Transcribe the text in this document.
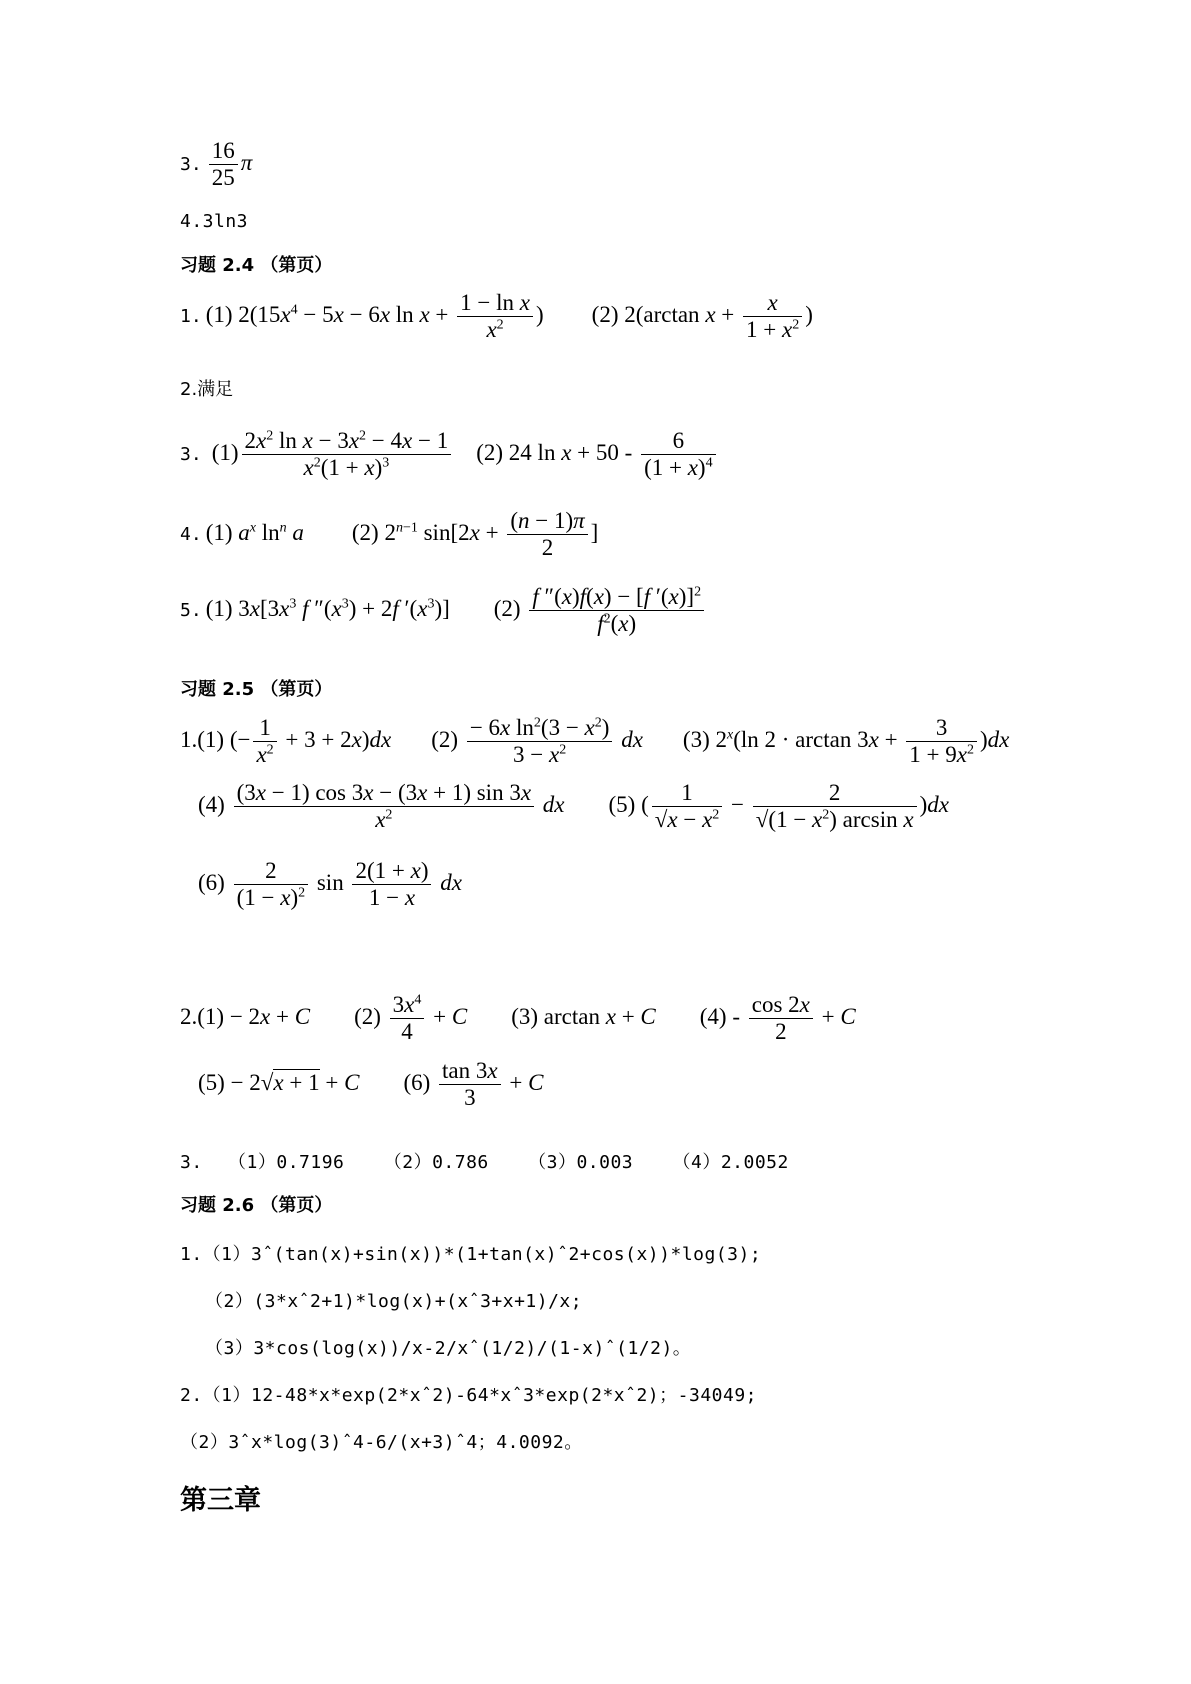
3. $\frac{16}{25}$ π
4.3ln3
习题 2.4 （第页）
1. (1) $2(15x^4 - 5x - 6x$ $\ln x + \frac{\text{1 − ln x}}{x^2}$ ) (2) 2(arctan $x + \frac{x}{1 + x^2}$ )
2.满足
3. $(1) \frac{2x^2 \ln x - 3x^2 - 4x - 1}{x^2(1 + x)^3} (2)$ 24 $\ln x + 50 - \frac{6}{(1 + x)^4}$
4. (1) $a^x$ $\ln^n a$ (2) $2^{n-1}$ $\sin[2x + \frac{(n - 1)\pi}{2}$ ]
5. (1) $3x[3x^3$ f $''(x^3) + 2f$ $'(x^3)$] $(2) \frac{f ''(x)f(x) - [f '(x)]^2}{f^2(x)}$
习题 2.5 （第页）
1.(1) (− $\frac{1}{x^2} + 3 + 2x)dx$ $(2) \frac{- 6x \ln^2(3 - x^2)}{3 - x^2}$ dx (3) 2$^x$(ln $2 \cdot \arctan 3x + \frac{3}{1 + 9x^2} )dx$
$(4) \frac{(3x - 1) \cos 3x - (3x + 1) \sin 3x}{x^2}$ dx (5) ( $\frac{1}{√x - x^2} - \frac{2}{√(1 - x^2) \arcsin x} )dx$
$(6) \frac{2}{(1 - x)^2}$ $\sin \frac{2(1 + x)}{1 - x}$ dx
2.(1) − 2x + C $(2) \frac{3x^4}{4} + C$ (3) arctan x + C $(4) - \frac{\cos 2x}{2} + C$
(5) − 2√x + 1 + C $(6) \frac{\tan 3x}{3} + C$
3. （1）0.7196 （2）0.786 （3）0.003 （4）2.0052
习题 2.6 （第页）
1.（1）3ˆ(tan(x)+sin(x))*(1+tan(x)ˆ2+cos(x))*log(3);
（2）(3*xˆ2+1)*log(x)+(xˆ3+x+1)/x;
（3）3*cos(log(x))/x-2/xˆ(1/2)/(1-x)ˆ(1/2)。
2.（1）12-48*x*exp(2*xˆ2)-64*xˆ3*exp(2*xˆ2)；-34049;
（2）3ˆx*log(3)ˆ4-6/(x+3)ˆ4；4.0092。
第三章
